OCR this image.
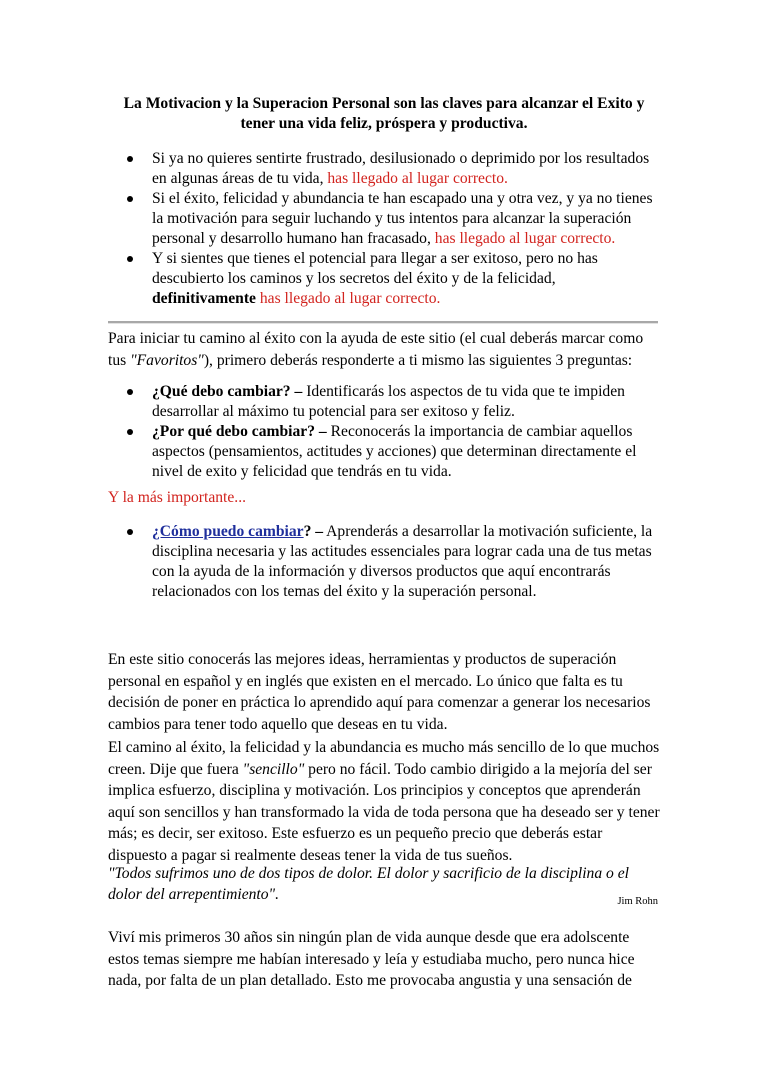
La Motivacion y la Superacion Personal son las claves para alcanzar el Exito y
tener una vida feliz, próspera y productiva.
Si ya no quieres sentirte frustrado, desilusionado o deprimido por los resultados en algunas áreas de tu vida, has llegado al lugar correcto.
Si el éxito, felicidad y abundancia te han escapado una y otra vez, y ya no tienes la motivación para seguir luchando y tus intentos para alcanzar la superación personal y desarrollo humano han fracasado, has llegado al lugar correcto.
Y si sientes que tienes el potencial para llegar a ser exitoso, pero no has descubierto los caminos y los secretos del éxito y de la felicidad, definitivamente has llegado al lugar correcto.

Para iniciar tu camino al éxito con la ayuda de este sitio (el cual deberás marcar como tus "Favoritos"), primero deberás responderte a ti mismo las siguientes 3 preguntas:

¿Qué debo cambiar? – Identificarás los aspectos de tu vida que te impiden desarrollar al máximo tu potencial para ser exitoso y feliz.
¿Por qué debo cambiar? – Reconocerás la importancia de cambiar aquellos aspectos (pensamientos, actitudes y acciones) que determinan directamente el nivel de exito y felicidad que tendrás en tu vida.

Y la más importante...

¿Cómo puedo cambiar? – Aprenderás a desarrollar la motivación suficiente, la disciplina necesaria y las actitudes essenciales para lograr cada una de tus metas con la ayuda de la información y diversos productos que aquí encontrarás relacionados con los temas del éxito y la superación personal.

En este sitio conocerás las mejores ideas, herramientas y productos de superación personal en español y en inglés que existen en el mercado. Lo único que falta es tu decisión de poner en práctica lo aprendido aquí para comenzar a generar los necesarios cambios para tener todo aquello que deseas en tu vida.

El camino al éxito, la felicidad y la abundancia es mucho más sencillo de lo que muchos creen. Dije que fuera "sencillo" pero no fácil. Todo cambio dirigido a la mejoría del ser implica esfuerzo, disciplina y motivación. Los principios y conceptos que aprenderán aquí son sencillos y han transformado la vida de toda persona que ha deseado ser y tener más; es decir, ser exitoso. Este esfuerzo es un pequeño precio que deberás estar dispuesto a pagar si realmente deseas tener la vida de tus sueños.

"Todos sufrimos uno de dos tipos de dolor. El dolor y sacrificio de la disciplina o el dolor del arrepentimiento".	Jim Rohn

Viví mis primeros 30 años sin ningún plan de vida aunque desde que era adolscente estos temas siempre me habían interesado y leía y estudiaba mucho, pero nunca hice nada, por falta de un plan detallado. Esto me provocaba angustia y una sensación de
